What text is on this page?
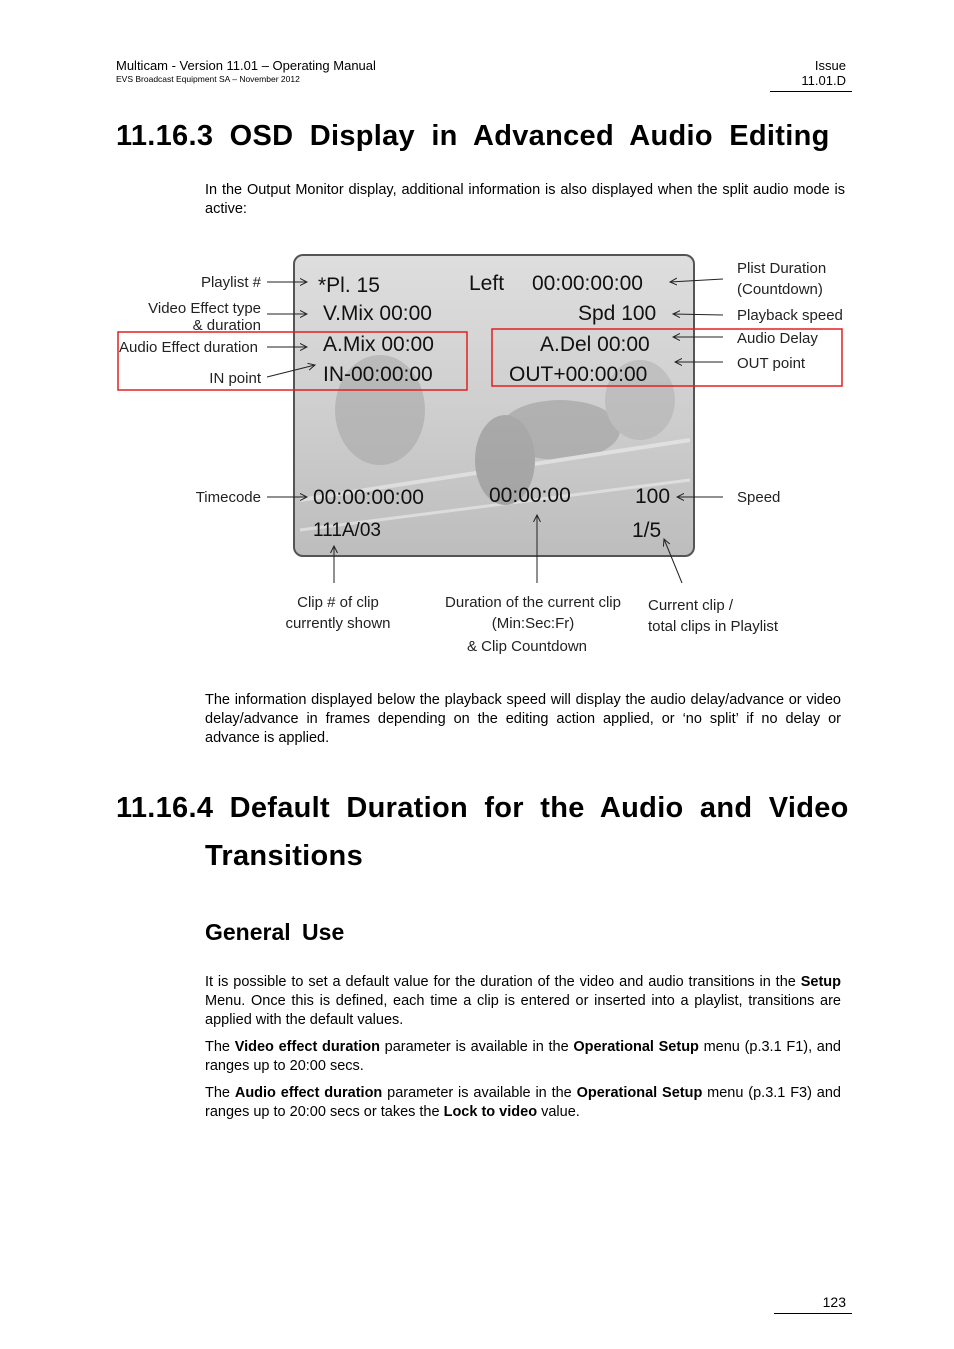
Multicam - Version 11.01 – Operating Manual
EVS Broadcast Equipment SA – November 2012
Issue
11.01.D
11.16.3 OSD Display in Advanced Audio Editing
In the Output Monitor display, additional information is also displayed when the split audio mode is active:
*Pl. 15	Left 00:00:00:00
V.Mix 00:00	Spd 100
A.Mix 00:00	A.Del 00:00
IN-00:00:00	OUT+00:00:00
00:00:00:00	00:00:00	100
111A/03	1/5
Playlist #
Video Effect type
& duration
Audio Effect duration
IN point
Timecode
Plist Duration
(Countdown)
Playback speed
Audio Delay
OUT point
Speed
Clip # of clip
currently shown
Duration of the current clip
(Min:Sec:Fr)
& Clip Countdown
Current clip /
total clips in Playlist
The information displayed below the playback speed will display the audio delay/advance or video delay/advance in frames depending on the editing action applied, or ‘no split’ if no delay or advance is applied.
11.16.4 Default Duration for the Audio and Video
Transitions
General Use
It is possible to set a default value for the duration of the video and audio transitions in the Setup Menu. Once this is defined, each time a clip is entered or inserted into a playlist, transitions are applied with the default values.
The Video effect duration parameter is available in the Operational Setup menu (p.3.1 F1), and ranges up to 20:00 secs.
The Audio effect duration parameter is available in the Operational Setup menu (p.3.1 F3) and ranges up to 20:00 secs or takes the Lock to video value.
123
